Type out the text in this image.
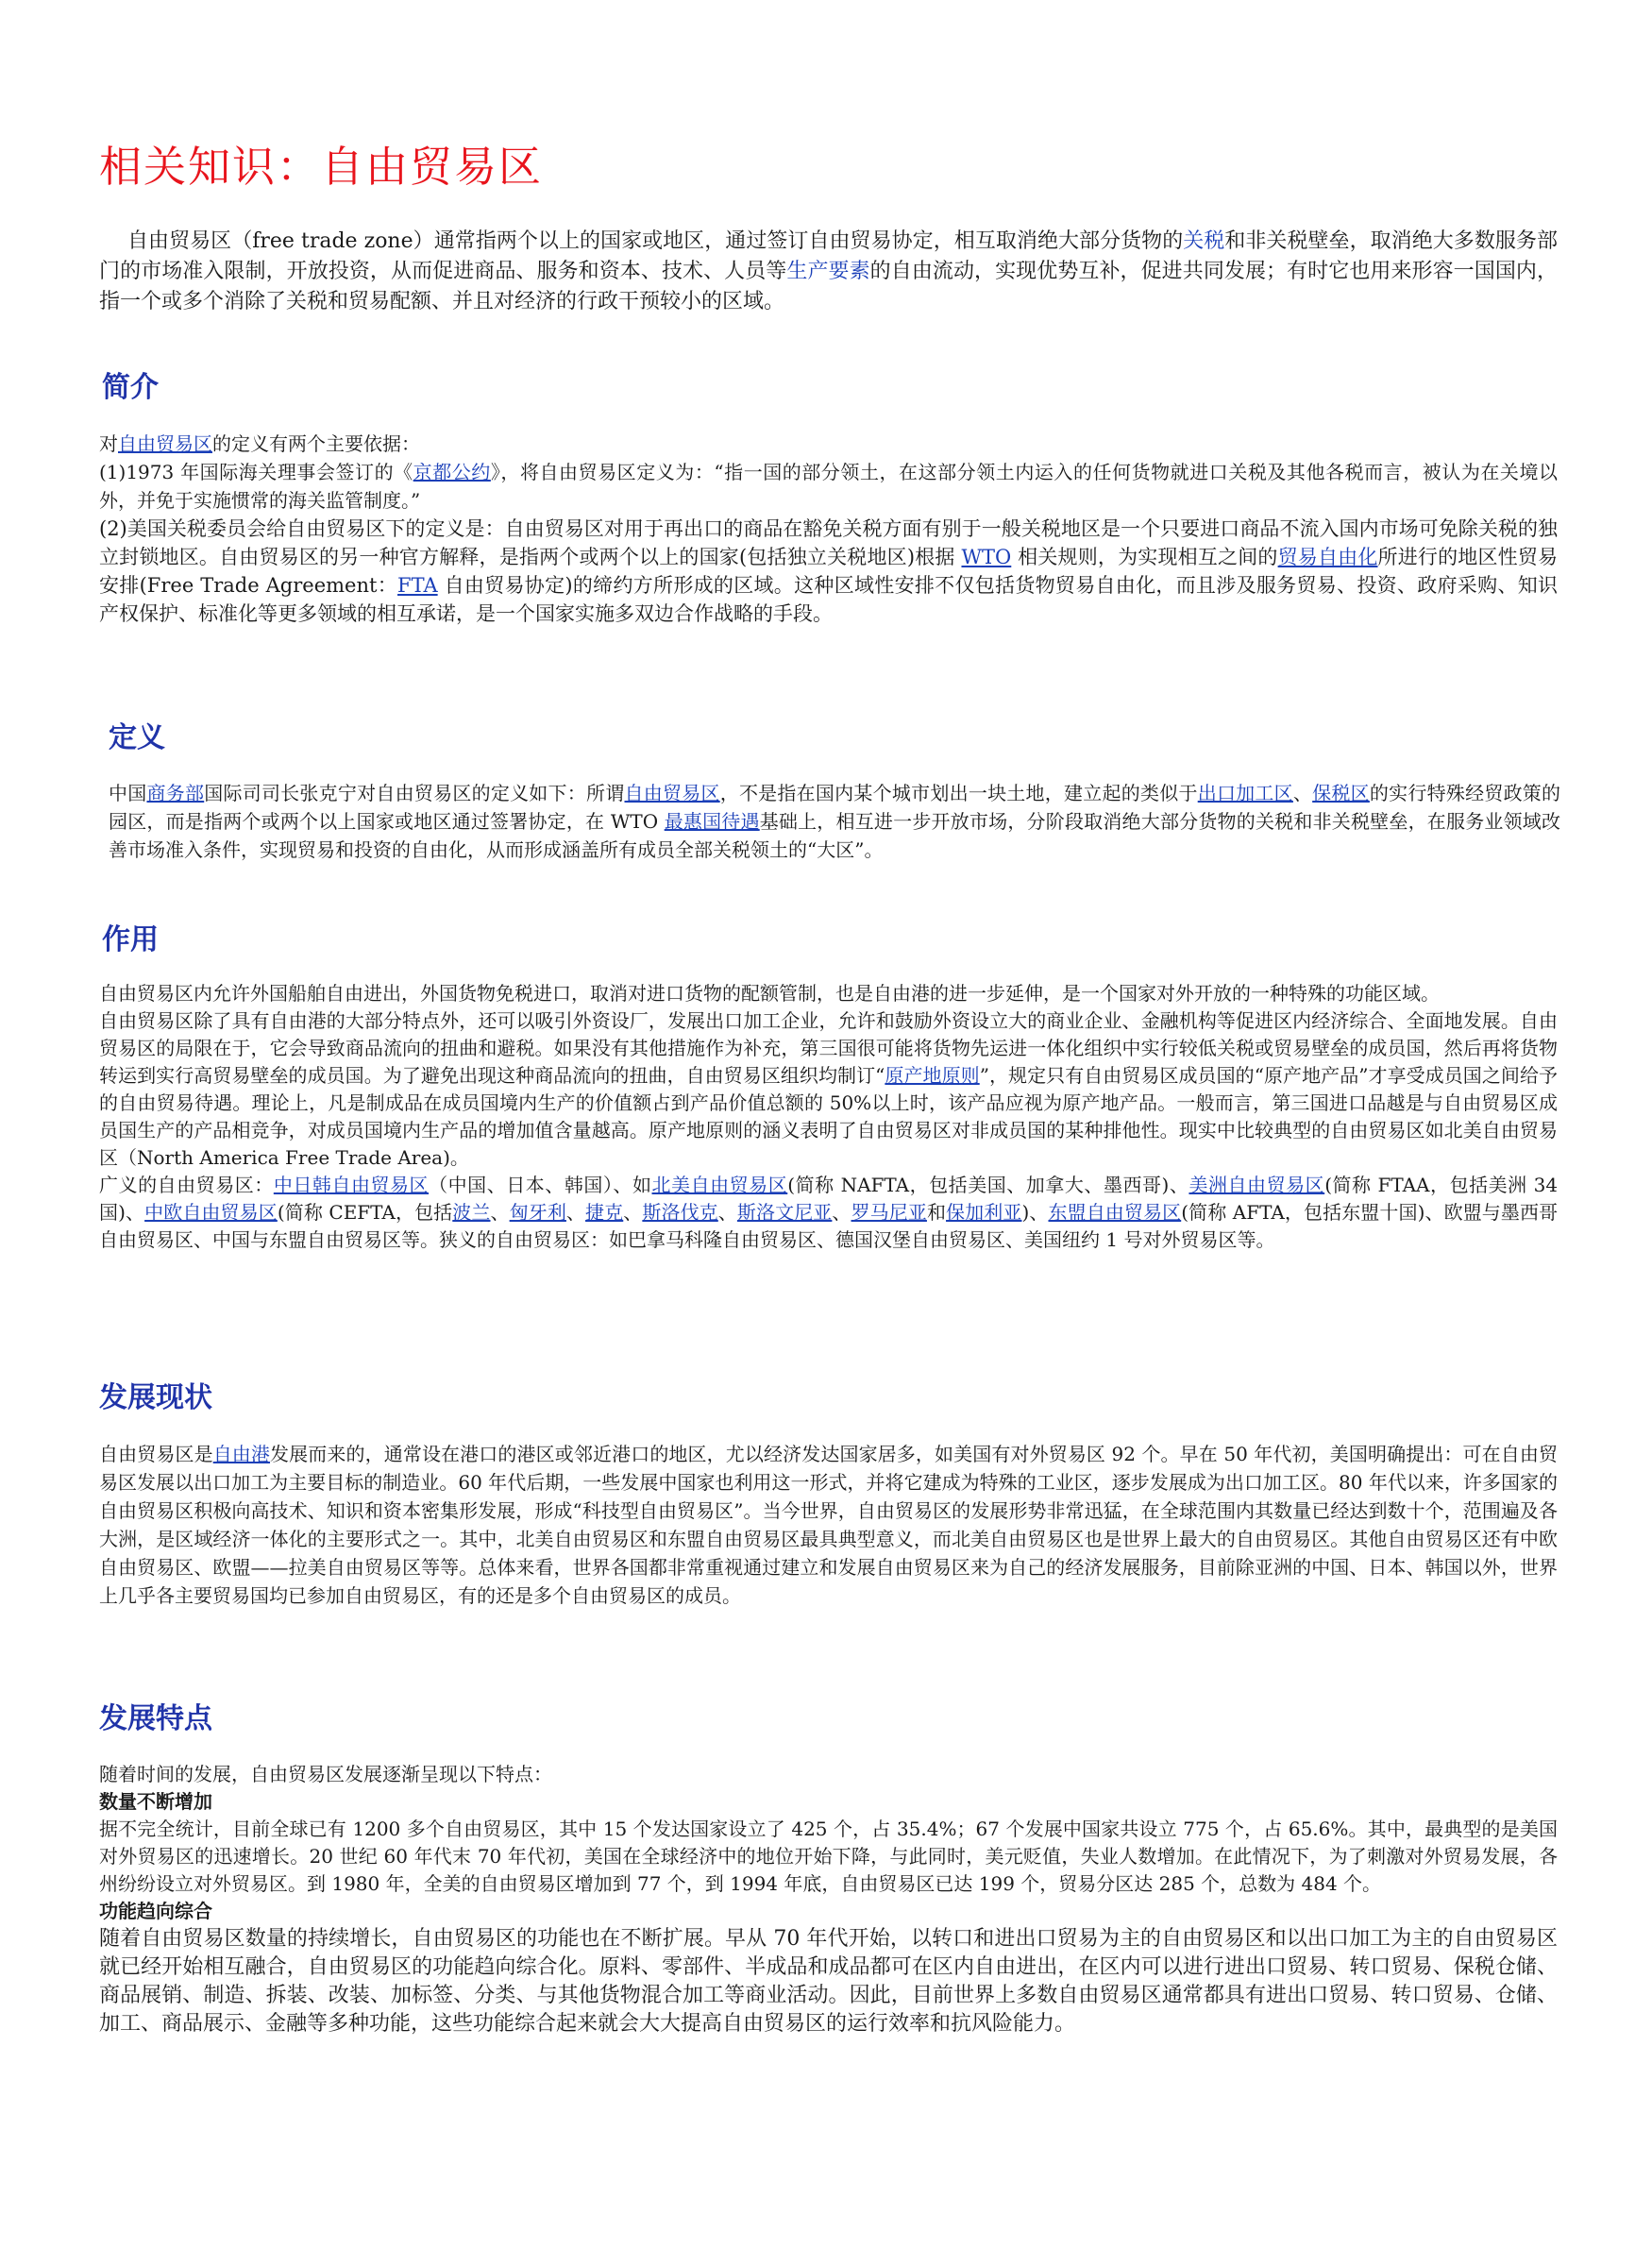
相关知识：自由贸易区

自由贸易区（free trade zone）通常指两个以上的国家或地区，通过签订自由贸易协定，相互取消绝大部分货物的关税和非关税壁垒，取消绝大多数服务部门的市场准入限制，开放投资，从而促进商品、服务和资本、技术、人员等生产要素的自由流动，实现优势互补，促进共同发展；有时它也用来形容一国国内，指一个或多个消除了关税和贸易配额、并且对经济的行政干预较小的区域。

简介

对自由贸易区的定义有两个主要依据：

(1)1973 年国际海关理事会签订的《京都公约》，将自由贸易区定义为：“指一国的部分领土，在这部分领土内运入的任何货物就进口关税及其他各税而言，被认为在关境以外，并免于实施惯常的海关监管制度。”

(2)美国关税委员会给自由贸易区下的定义是：自由贸易区对用于再出口的商品在豁免关税方面有别于一般关税地区是一个只要进口商品不流入国内市场可免除关税的独立封锁地区。自由贸易区的另一种官方解释，是指两个或两个以上的国家(包括独立关税地区)根据 WTO 相关规则，为实现相互之间的贸易自由化所进行的地区性贸易安排(Free Trade Agreement：FTA 自由贸易协定)的缔约方所形成的区域。这种区域性安排不仅包括货物贸易自由化，而且涉及服务贸易、投资、政府采购、知识产权保护、标准化等更多领域的相互承诺，是一个国家实施多双边合作战略的手段。

定义

中国商务部国际司司长张克宁对自由贸易区的定义如下：所谓自由贸易区，不是指在国内某个城市划出一块土地，建立起的类似于出口加工区、保税区的实行特殊经贸政策的园区，而是指两个或两个以上国家或地区通过签署协定，在 WTO 最惠国待遇基础上，相互进一步开放市场，分阶段取消绝大部分货物的关税和非关税壁垒，在服务业领域改善市场准入条件，实现贸易和投资的自由化，从而形成涵盖所有成员全部关税领土的“大区”。

作用

自由贸易区内允许外国船舶自由进出，外国货物免税进口，取消对进口货物的配额管制，也是自由港的进一步延伸，是一个国家对外开放的一种特殊的功能区域。

自由贸易区除了具有自由港的大部分特点外，还可以吸引外资设厂，发展出口加工企业，允许和鼓励外资设立大的商业企业、金融机构等促进区内经济综合、全面地发展。自由贸易区的局限在于，它会导致商品流向的扭曲和避税。如果没有其他措施作为补充，第三国很可能将货物先运进一体化组织中实行较低关税或贸易壁垒的成员国，然后再将货物转运到实行高贸易壁垒的成员国。为了避免出现这种商品流向的扭曲，自由贸易区组织均制订“原产地原则”，规定只有自由贸易区成员国的“原产地产品”才享受成员国之间给予的自由贸易待遇。理论上，凡是制成品在成员国境内生产的价值额占到产品价值总额的 50%以上时，该产品应视为原产地产品。一般而言，第三国进口品越是与自由贸易区成员国生产的产品相竞争，对成员国境内生产品的增加值含量越高。原产地原则的涵义表明了自由贸易区对非成员国的某种排他性。现实中比较典型的自由贸易区如北美自由贸易区（North America Free Trade Area)。

广义的自由贸易区：中日韩自由贸易区（中国、日本、韩国）、如北美自由贸易区(简称 NAFTA，包括美国、加拿大、墨西哥)、美洲自由贸易区(简称 FTAA，包括美洲 34 国)、中欧自由贸易区(简称 CEFTA，包括波兰、匈牙利、捷克、斯洛伐克、斯洛文尼亚、罗马尼亚和保加利亚)、东盟自由贸易区(简称 AFTA，包括东盟十国)、欧盟与墨西哥自由贸易区、中国与东盟自由贸易区等。狭义的自由贸易区：如巴拿马科隆自由贸易区、德国汉堡自由贸易区、美国纽约 1 号对外贸易区等。

发展现状

自由贸易区是自由港发展而来的，通常设在港口的港区或邻近港口的地区，尤以经济发达国家居多，如美国有对外贸易区 92 个。早在 50 年代初，美国明确提出：可在自由贸易区发展以出口加工为主要目标的制造业。60 年代后期，一些发展中国家也利用这一形式，并将它建成为特殊的工业区，逐步发展成为出口加工区。80 年代以来，许多国家的自由贸易区积极向高技术、知识和资本密集形发展，形成“科技型自由贸易区”。当今世界，自由贸易区的发展形势非常迅猛，在全球范围内其数量已经达到数十个，范围遍及各大洲，是区域经济一体化的主要形式之一。其中，北美自由贸易区和东盟自由贸易区最具典型意义，而北美自由贸易区也是世界上最大的自由贸易区。其他自由贸易区还有中欧自由贸易区、欧盟——拉美自由贸易区等等。总体来看，世界各国都非常重视通过建立和发展自由贸易区来为自己的经济发展服务，目前除亚洲的中国、日本、韩国以外，世界上几乎各主要贸易国均已参加自由贸易区，有的还是多个自由贸易区的成员。

发展特点

随着时间的发展，自由贸易区发展逐渐呈现以下特点：

数量不断增加

据不完全统计，目前全球已有 1200 多个自由贸易区，其中 15 个发达国家设立了 425 个，占 35.4%；67 个发展中国家共设立 775 个，占 65.6%。其中，最典型的是美国对外贸易区的迅速增长。20 世纪 60 年代末 70 年代初，美国在全球经济中的地位开始下降，与此同时，美元贬值，失业人数增加。在此情况下，为了刺激对外贸易发展，各州纷纷设立对外贸易区。到 1980 年，全美的自由贸易区增加到 77 个，到 1994 年底，自由贸易区已达 199 个，贸易分区达 285 个，总数为 484 个。

功能趋向综合

随着自由贸易区数量的持续增长，自由贸易区的功能也在不断扩展。早从 70 年代开始，以转口和进出口贸易为主的自由贸易区和以出口加工为主的自由贸易区就已经开始相互融合，自由贸易区的功能趋向综合化。原料、零部件、半成品和成品都可在区内自由进出，在区内可以进行进出口贸易、转口贸易、保税仓储、商品展销、制造、拆装、改装、加标签、分类、与其他货物混合加工等商业活动。因此，目前世界上多数自由贸易区通常都具有进出口贸易、转口贸易、仓储、加工、商品展示、金融等多种功能，这些功能综合起来就会大大提高自由贸易区的运行效率和抗风险能力。
